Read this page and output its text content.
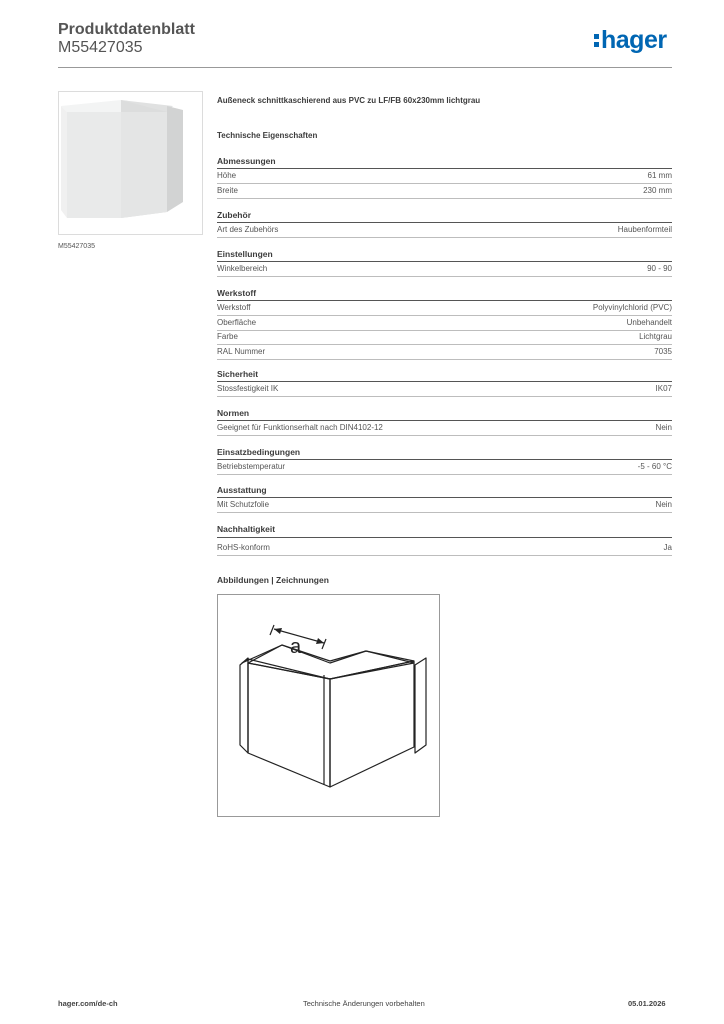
Produktdatenblatt
M55427035	hager
M55427035
Außeneck schnittkaschierend aus PVC zu LF/FB 60x230mm lichtgrau
Technische Eigenschaften
Abmessungen
Höhe	61 mm
Breite	230 mm
Zubehör
Art des Zubehörs	Haubenformteil
Einstellungen
Winkelbereich	90 - 90
Werkstoff
Werkstoff	Polyvinylchlorid (PVC)
Oberfläche	Unbehandelt
Farbe	Lichtgrau
RAL Nummer	7035
Sicherheit
Stossfestigkeit IK	IK07
Normen
Geeignet für Funktionserhalt nach DIN4102-12	Nein
Einsatzbedingungen
Betriebstemperatur	-5 - 60 °C
Ausstattung
Mit Schutzfolie	Nein
Nachhaltigkeit
RoHS-konform	Ja
Abbildungen | Zeichnungen
a
hager.com/de-ch	Technische Änderungen vorbehalten	05.01.2026
